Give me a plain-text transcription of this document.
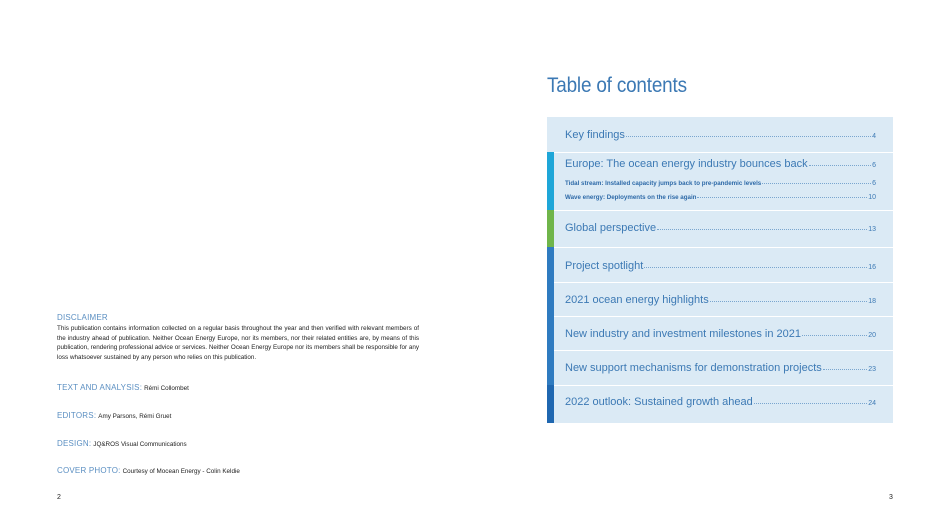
DISCLAIMER

This publication contains information collected on a regular basis throughout the year and then verified with relevant members of the industry ahead of publication. Neither Ocean Energy Europe, nor its members, nor their related entities are, by means of this publication, rendering professional advice or services. Neither Ocean Energy Europe nor its members shall be responsible for any loss whatsoever sustained by any person who relies on this publication.

TEXT AND ANALYSIS: Rémi Collombet
EDITORS: Amy Parsons, Rémi Gruet
DESIGN: JQ&ROS Visual Communications
COVER PHOTO: Courtesy of Mocean Energy - Colin Keldie
2
Table of contents
Key findings	4
Europe: The ocean energy industry bounces back	6
Tidal stream: Installed capacity jumps back to pre-pandemic levels	6
Wave energy: Deployments on the rise again	10
Global perspective	13
Project spotlight	16
2021 ocean energy highlights	18
New industry and investment milestones in 2021	20
New support mechanisms for demonstration projects	23
2022 outlook: Sustained growth ahead	24
3
